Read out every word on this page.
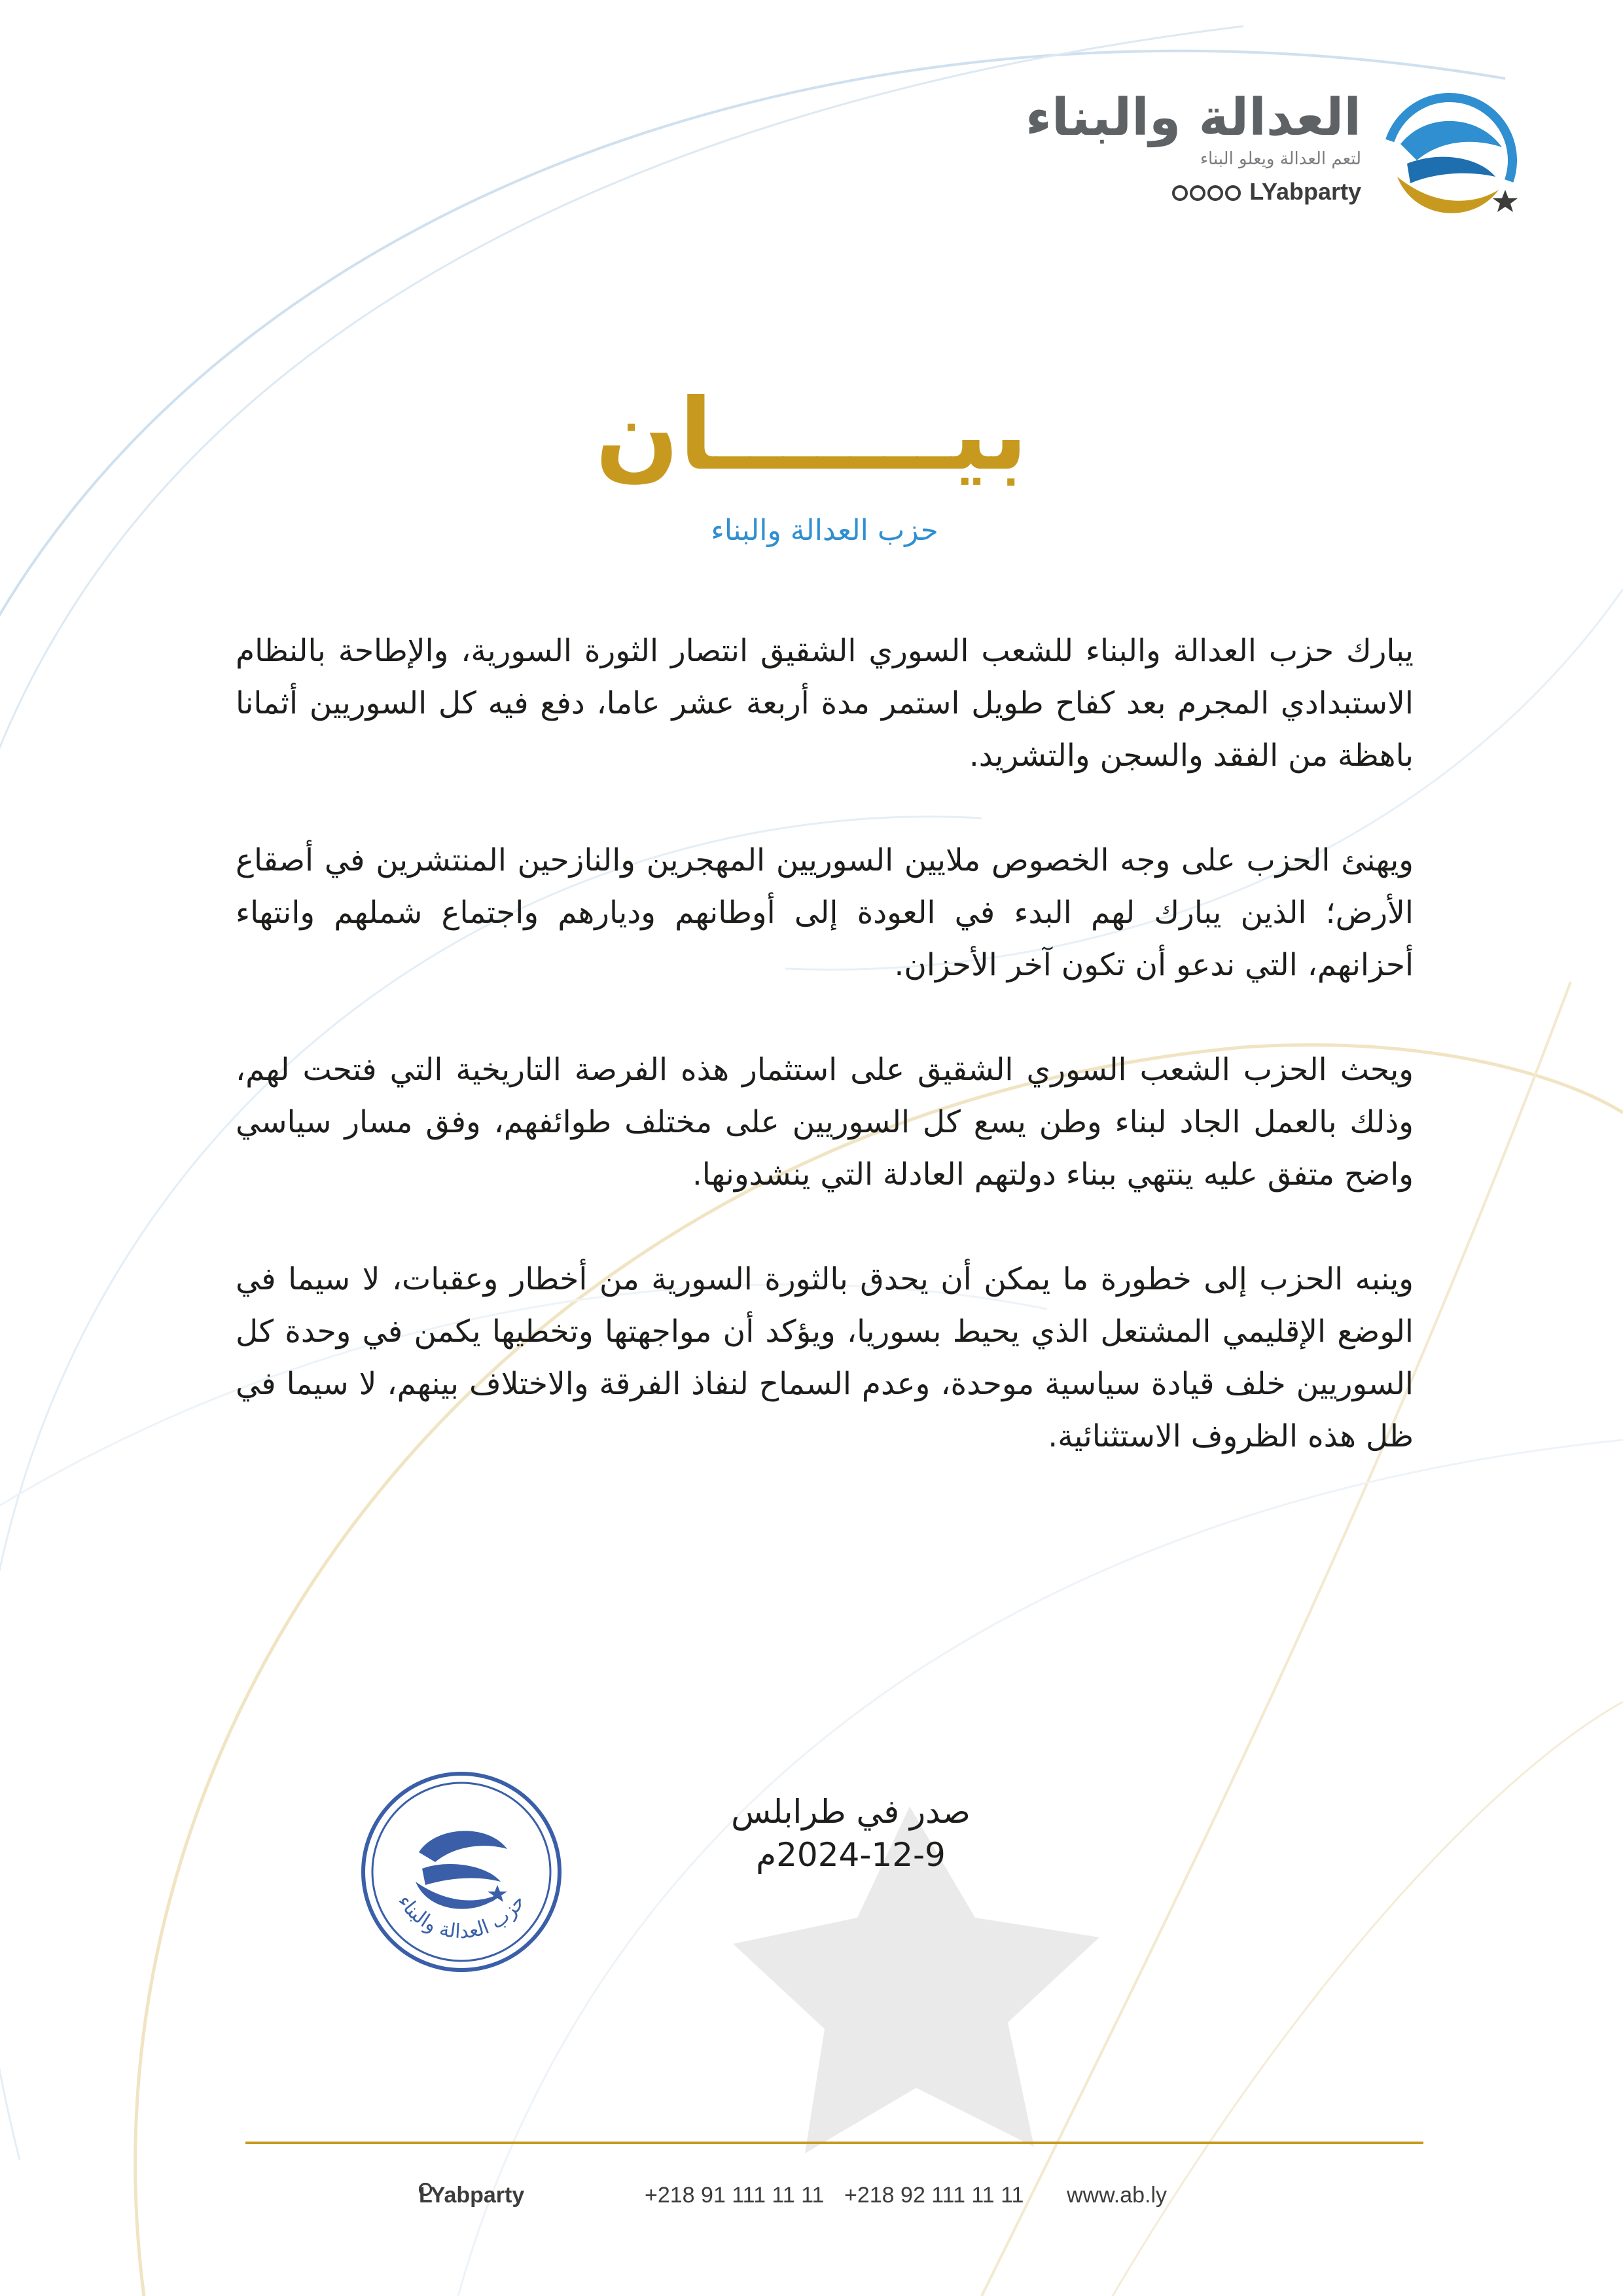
العدالة والبناء
لتعم العدالة ويعلو البناء
LYabparty
بيـــــــان
حزب العدالة والبناء

يبارك حزب العدالة والبناء للشعب السوري الشقيق انتصار الثورة السورية، والإطاحة بالنظام الاستبدادي المجرم بعد كفاح طويل استمر مدة أربعة عشر عاما، دفع فيه كل السوريين أثمانا باهظة من الفقد والسجن والتشريد.

ويهنئ الحزب على وجه الخصوص ملايين السوريين المهجرين والنازحين المنتشرين في أصقاع الأرض؛ الذين يبارك لهم البدء في العودة إلى أوطانهم وديارهم واجتماع شملهم وانتهاء أحزانهم، التي ندعو أن تكون آخر الأحزان.

ويحث الحزب الشعب السوري الشقيق على استثمار هذه الفرصة التاريخية التي فتحت لهم، وذلك بالعمل الجاد لبناء وطن يسع كل السوريين على مختلف طوائفهم، وفق مسار سياسي واضح متفق عليه ينتهي ببناء دولتهم العادلة التي ينشدونها.

وينبه الحزب إلى خطورة ما يمكن أن يحدق بالثورة السورية من أخطار وعقبات، لا سيما في الوضع الإقليمي المشتعل الذي يحيط بسوريا، ويؤكد أن مواجهتها وتخطيها يكمن في وحدة كل السوريين خلف قيادة سياسية موحدة، وعدم السماح لنفاذ الفرقة والاختلاف بينهم، لا سيما في ظل هذه الظروف الاستثنائية.

صدر في طرابلس
2024-12-9م
حزب العدالة والبناء
LYabparty	+218 91 111 11 11 +218 92 111 11 11 www.ab.ly
